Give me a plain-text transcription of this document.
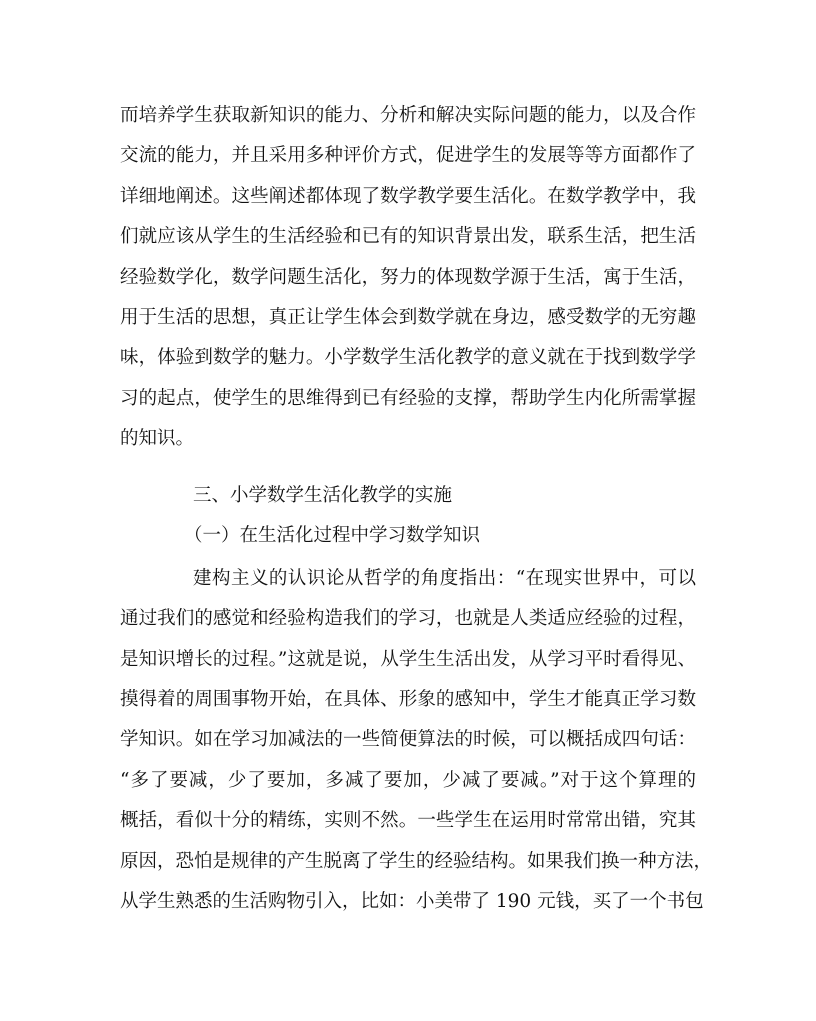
而培养学生获取新知识的能力、分析和解决实际问题的能力，以及合作
交流的能力，并且采用多种评价方式，促进学生的发展等等方面都作了
详细地阐述。这些阐述都体现了数学教学要生活化。在数学教学中，我
们就应该从学生的生活经验和已有的知识背景出发，联系生活，把生活
经验数学化，数学问题生活化，努力的体现数学源于生活，寓于生活，
用于生活的思想，真正让学生体会到数学就在身边，感受数学的无穷趣
味，体验到数学的魅力。小学数学生活化教学的意义就在于找到数学学
习的起点，使学生的思维得到已有经验的支撑，帮助学生内化所需掌握
的知识。
三、小学数学生活化教学的实施
（一）在生活化过程中学习数学知识
建构主义的认识论从哲学的角度指出：“在现实世界中，可以
通过我们的感觉和经验构造我们的学习，也就是人类适应经验的过程，
是知识增长的过程。”这就是说，从学生生活出发，从学习平时看得见、
摸得着的周围事物开始，在具体、形象的感知中，学生才能真正学习数
学知识。如在学习加减法的一些简便算法的时候，可以概括成四句话：
“多了要减，少了要加，多减了要加，少减了要减。”对于这个算理的
概括，看似十分的精练，实则不然。一些学生在运用时常常出错，究其
原因，恐怕是规律的产生脱离了学生的经验结构。如果我们换一种方法，
从学生熟悉的生活购物引入，比如：小美带了 190 元钱，买了一个书包
